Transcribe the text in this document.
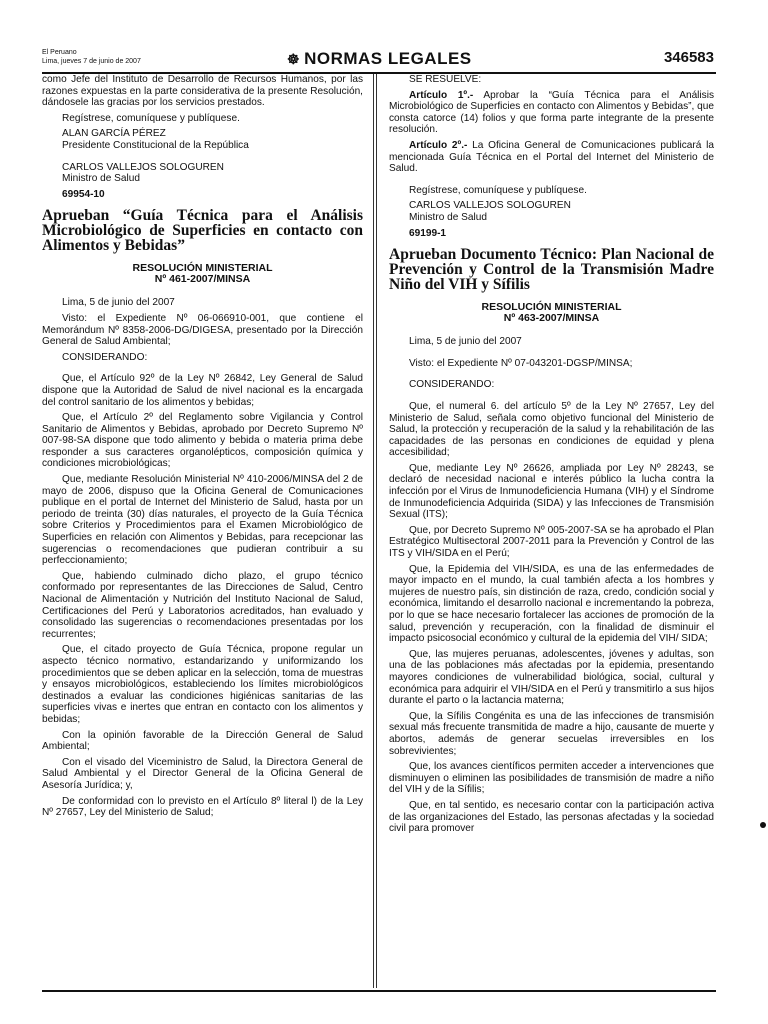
El Peruano
Lima, jueves 7 de junio de 2007	☸ NORMAS LEGALES	346583

como Jefe del Instituto de Desarrollo de Recursos Humanos, por las razones expuestas en la parte considerativa de la presente Resolución, dándosele las gracias por los servicios prestados.

Regístrese, comuníquese y publíquese.

ALAN GARCÍA PÉREZ
Presidente Constitucional de la República

CARLOS VALLEJOS SOLOGUREN
Ministro de Salud

69954-10

Aprueban “Guía Técnica para el Análisis Microbiológico de Superficies en contacto con Alimentos y Bebidas”

RESOLUCIÓN MINISTERIAL
Nº 461-2007/MINSA

Lima, 5 de junio del 2007

Visto: el Expediente Nº 06-066910-001, que contiene el Memorándum Nº 8358-2006-DG/DIGESA, presentado por la Dirección General de Salud Ambiental;

CONSIDERANDO:

Que, el Artículo 92º de la Ley Nº 26842, Ley General de Salud dispone que la Autoridad de Salud de nivel nacional es la encargada del control sanitario de los alimentos y bebidas;

Que, el Artículo 2º del Reglamento sobre Vigilancia y Control Sanitario de Alimentos y Bebidas, aprobado por Decreto Supremo Nº 007-98-SA dispone que todo alimento y bebida o materia prima debe responder a sus caracteres organolépticos, composición química y condiciones microbiológicas;

Que, mediante Resolución Ministerial Nº 410-2006/MINSA del 2 de mayo de 2006, dispuso que la Oficina General de Comunicaciones publique en el portal de Internet del Ministerio de Salud, hasta por un periodo de treinta (30) días naturales, el proyecto de la Guía Técnica sobre Criterios y Procedimientos para el Examen Microbiológico de Superficies en relación con Alimentos y Bebidas, para recepcionar las sugerencias o recomendaciones que pudieran contribuir a su perfeccionamiento;

Que, habiendo culminado dicho plazo, el grupo técnico conformado por representantes de las Direcciones de Salud, Centro Nacional de Alimentación y Nutrición del Instituto Nacional de Salud, Certificaciones del Perú y Laboratorios acreditados, han evaluado y consolidado las sugerencias o recomendaciones presentadas por los recurrentes;

Que, el citado proyecto de Guía Técnica, propone regular un aspecto técnico normativo, estandarizando y uniformizando los procedimientos que se deben aplicar en la selección, toma de muestras y ensayos microbiológicos, estableciendo los límites microbiológicos destinados a evaluar las condiciones higiénicas sanitarias de las superficies vivas e inertes que entran en contacto con los alimentos y bebidas;

Con la opinión favorable de la Dirección General de Salud Ambiental;

Con el visado del Viceministro de Salud, la Directora General de Salud Ambiental y el Director General de la Oficina General de Asesoría Jurídica; y,

De conformidad con lo previsto en el Artículo 8º literal l) de la Ley Nº 27657, Ley del Ministerio de Salud;

SE RESUELVE:

Artículo 1º.- Aprobar la “Guía Técnica para el Análisis Microbiológico de Superficies en contacto con Alimentos y Bebidas”, que consta catorce (14) folios y que forma parte integrante de la presente resolución.

Artículo 2º.- La Oficina General de Comunicaciones publicará la mencionada Guía Técnica en el Portal del Internet del Ministerio de Salud.

Regístrese, comuníquese y publíquese.

CARLOS VALLEJOS SOLOGUREN
Ministro de Salud

69199-1

Aprueban Documento Técnico: Plan Nacional de Prevención y Control de la Transmisión Madre Niño del VIH y Sífilis

RESOLUCIÓN MINISTERIAL
Nº 463-2007/MINSA

Lima, 5 de junio del 2007

Visto: el Expediente Nº 07-043201-DGSP/MINSA;

CONSIDERANDO:

Que, el numeral 6. del artículo 5º de la Ley Nº 27657, Ley del Ministerio de Salud, señala como objetivo funcional del Ministerio de Salud, la protección y recuperación de la salud y la rehabilitación de las capacidades de las personas en condiciones de equidad y plena accesibilidad;

Que, mediante Ley Nº 26626, ampliada por Ley Nº 28243, se declaró de necesidad nacional e interés público la lucha contra la infección por el Virus de Inmunodeficiencia Humana (VIH) y el Síndrome de Inmunodeficiencia Adquirida (SIDA) y las Infecciones de Transmisión Sexual (ITS);

Que, por Decreto Supremo Nº 005-2007-SA se ha aprobado el Plan Estratégico Multisectoral 2007-2011 para la Prevención y Control de las ITS y VIH/SIDA en el Perú;

Que, la Epidemia del VIH/SIDA, es una de las enfermedades de mayor impacto en el mundo, la cual también afecta a los hombres y mujeres de nuestro país, sin distinción de raza, credo, condición social y económica, limitando el desarrollo nacional e incrementando la pobreza, por lo que se hace necesario fortalecer las acciones de promoción de la salud, prevención y recuperación, con la finalidad de disminuir el impacto psicosocial económico y cultural de la epidemia del VIH/ SIDA;

Que, las mujeres peruanas, adolescentes, jóvenes y adultas, son una de las poblaciones más afectadas por la epidemia, presentando mayores condiciones de vulnerabilidad biológica, social, cultural y económica para adquirir el VIH/SIDA en el Perú y transmitirlo a sus hijos durante el parto o la lactancia materna;

Que, la Sífilis Congénita es una de las infecciones de transmisión sexual más frecuente transmitida de madre a hijo, causante de muerte y abortos, además de generar secuelas irreversibles en los sobrevivientes;

Que, los avances científicos permiten acceder a intervenciones que disminuyen o eliminen las posibilidades de transmisión de madre a niño del VIH y de la Sífilis;

Que, en tal sentido, es necesario contar con la participación activa de las organizaciones del Estado, las personas afectadas y la sociedad civil para promover
